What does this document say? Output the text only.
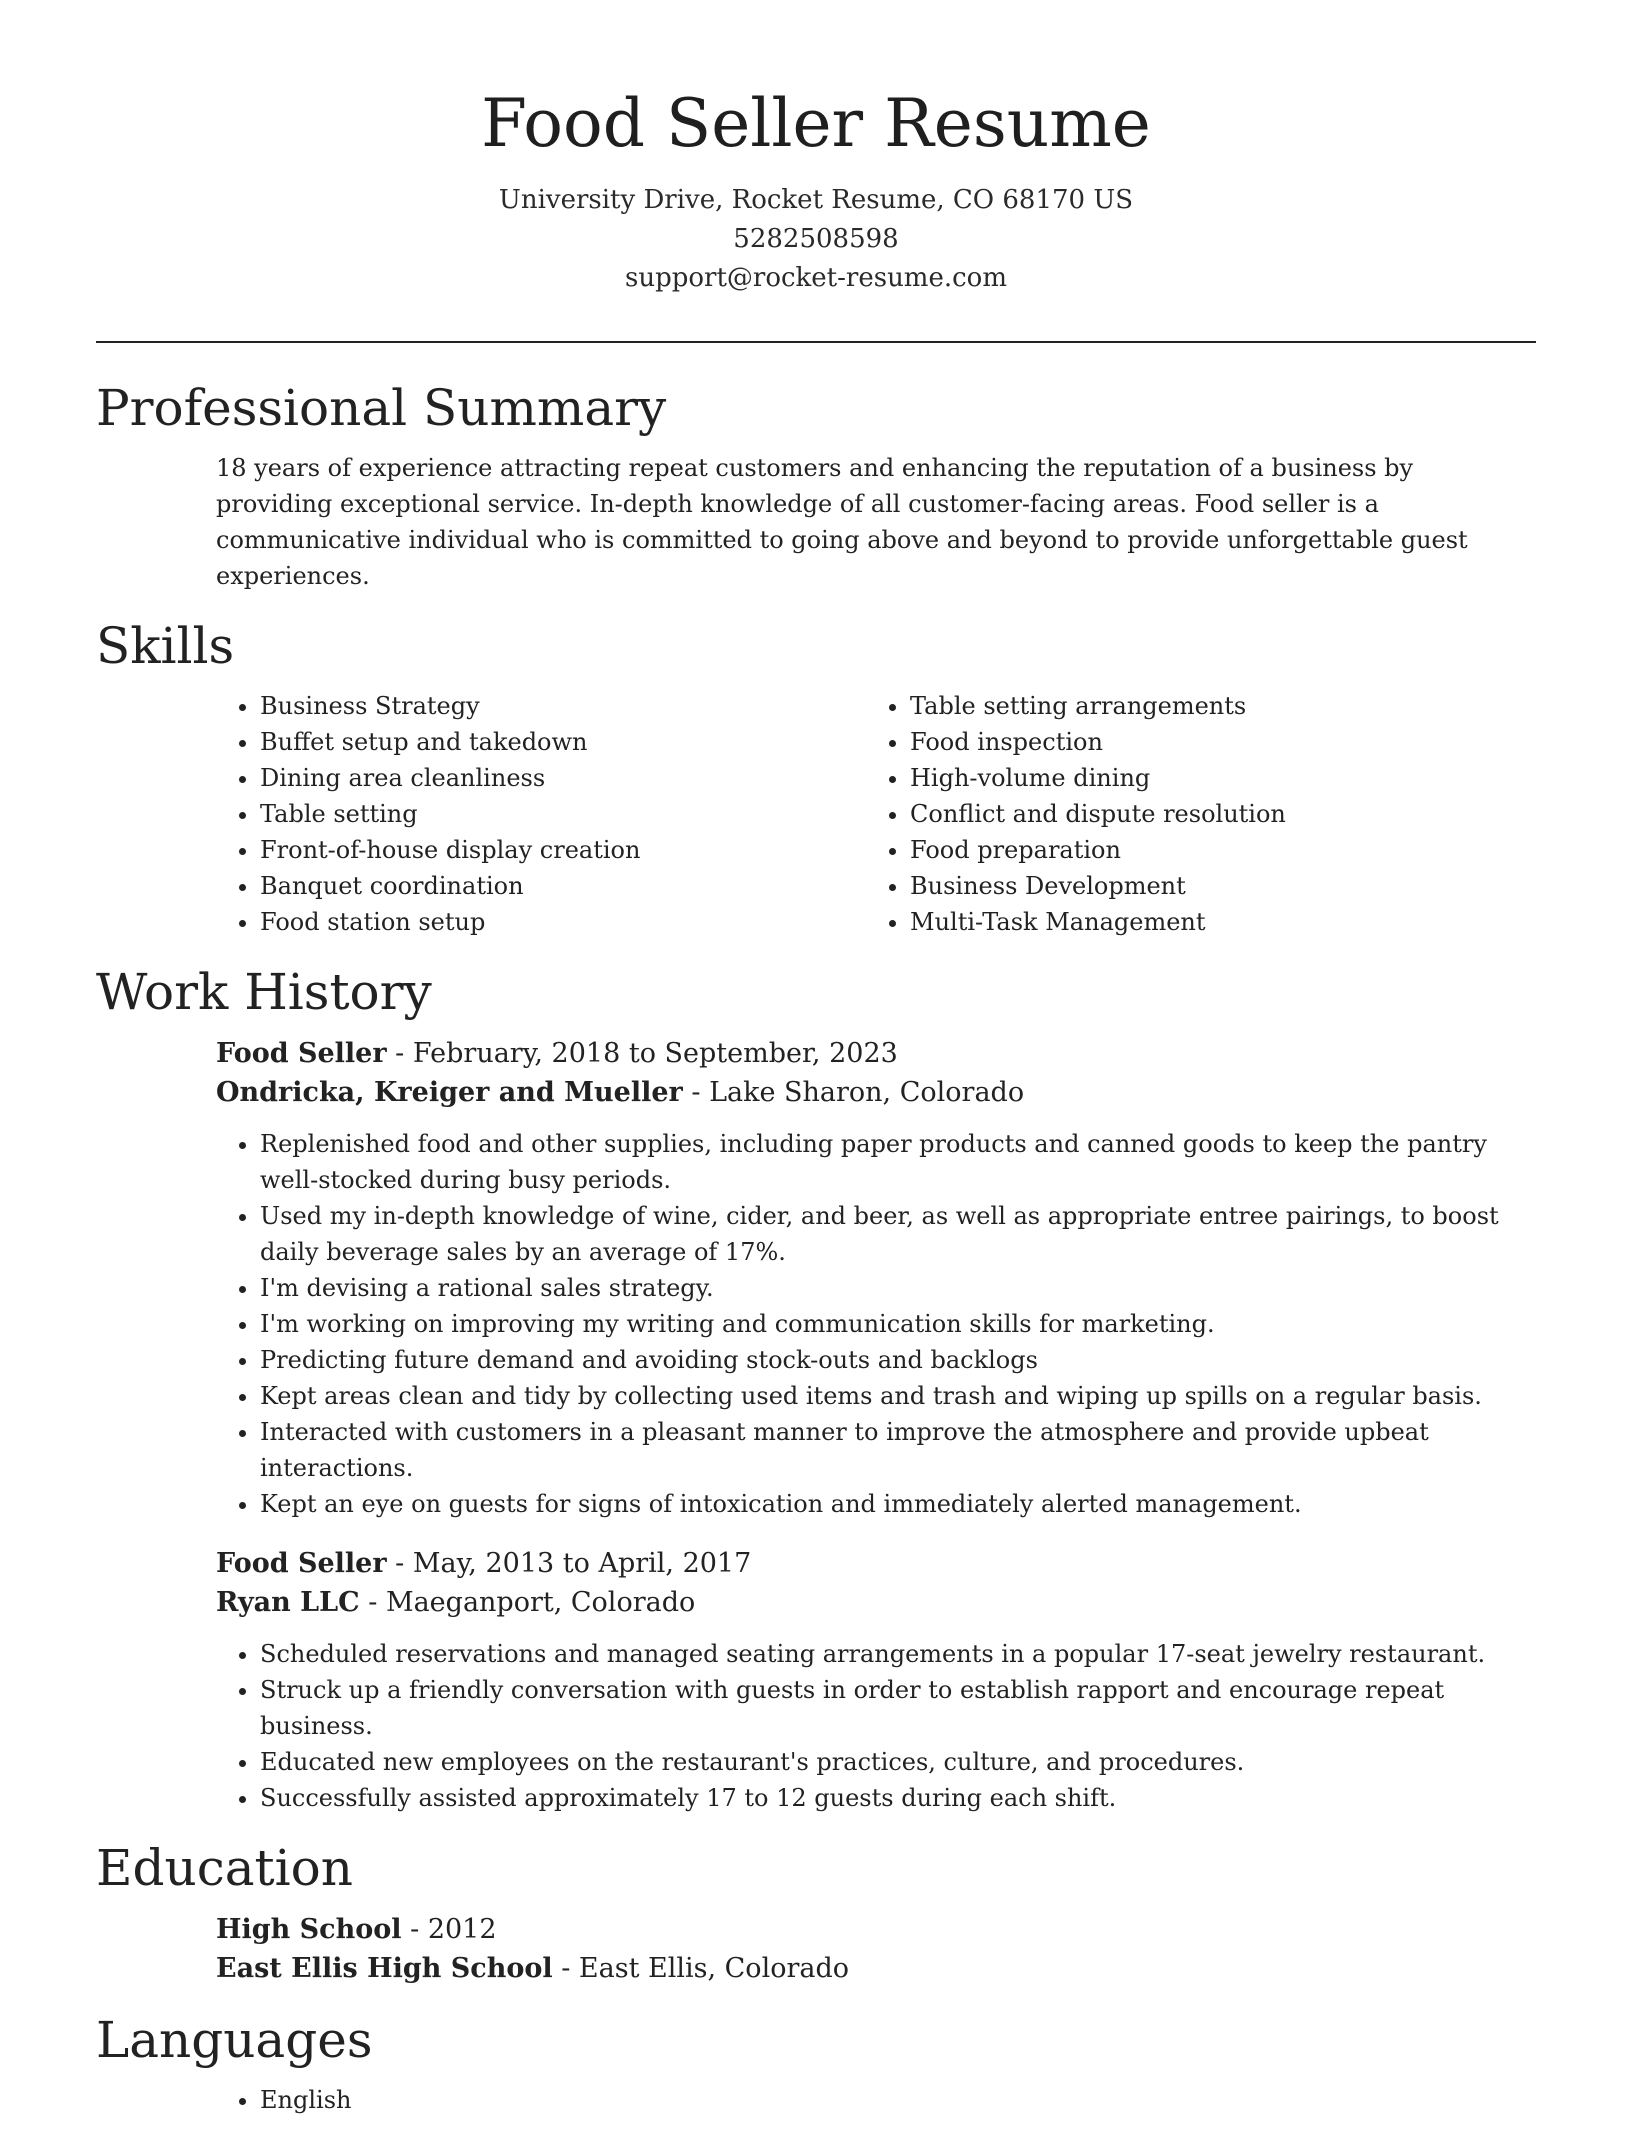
Food Seller Resume
University Drive, Rocket Resume, CO 68170 US
5282508598
support@rocket-resume.com
Professional Summary

18 years of experience attracting repeat customers and enhancing the reputation of a business by providing exceptional service. In-depth knowledge of all customer-facing areas. Food seller is a communicative individual who is committed to going above and beyond to provide unforgettable guest experiences.

Skills
• Business Strategy
• Buffet setup and takedown
• Dining area cleanliness
• Table setting
• Front-of-house display creation
• Banquet coordination
• Food station setup
• Table setting arrangements
• Food inspection
• High-volume dining
• Conflict and dispute resolution
• Food preparation
• Business Development
• Multi-Task Management
Work History
Food Seller - February, 2018 to September, 2023
Ondricka, Kreiger and Mueller - Lake Sharon, Colorado
• Replenished food and other supplies, including paper products and canned goods to keep the pantry well-stocked during busy periods.
• Used my in-depth knowledge of wine, cider, and beer, as well as appropriate entree pairings, to boost daily beverage sales by an average of 17%.
• I'm devising a rational sales strategy.
• I'm working on improving my writing and communication skills for marketing.
• Predicting future demand and avoiding stock-outs and backlogs
• Kept areas clean and tidy by collecting used items and trash and wiping up spills on a regular basis.
• Interacted with customers in a pleasant manner to improve the atmosphere and provide upbeat interactions.
• Kept an eye on guests for signs of intoxication and immediately alerted management.
Food Seller - May, 2013 to April, 2017
Ryan LLC - Maeganport, Colorado
• Scheduled reservations and managed seating arrangements in a popular 17-seat jewelry restaurant.
• Struck up a friendly conversation with guests in order to establish rapport and encourage repeat business.
• Educated new employees on the restaurant's practices, culture, and procedures.
• Successfully assisted approximately 17 to 12 guests during each shift.
Education
High School - 2012
East Ellis High School - East Ellis, Colorado
Languages
• English
